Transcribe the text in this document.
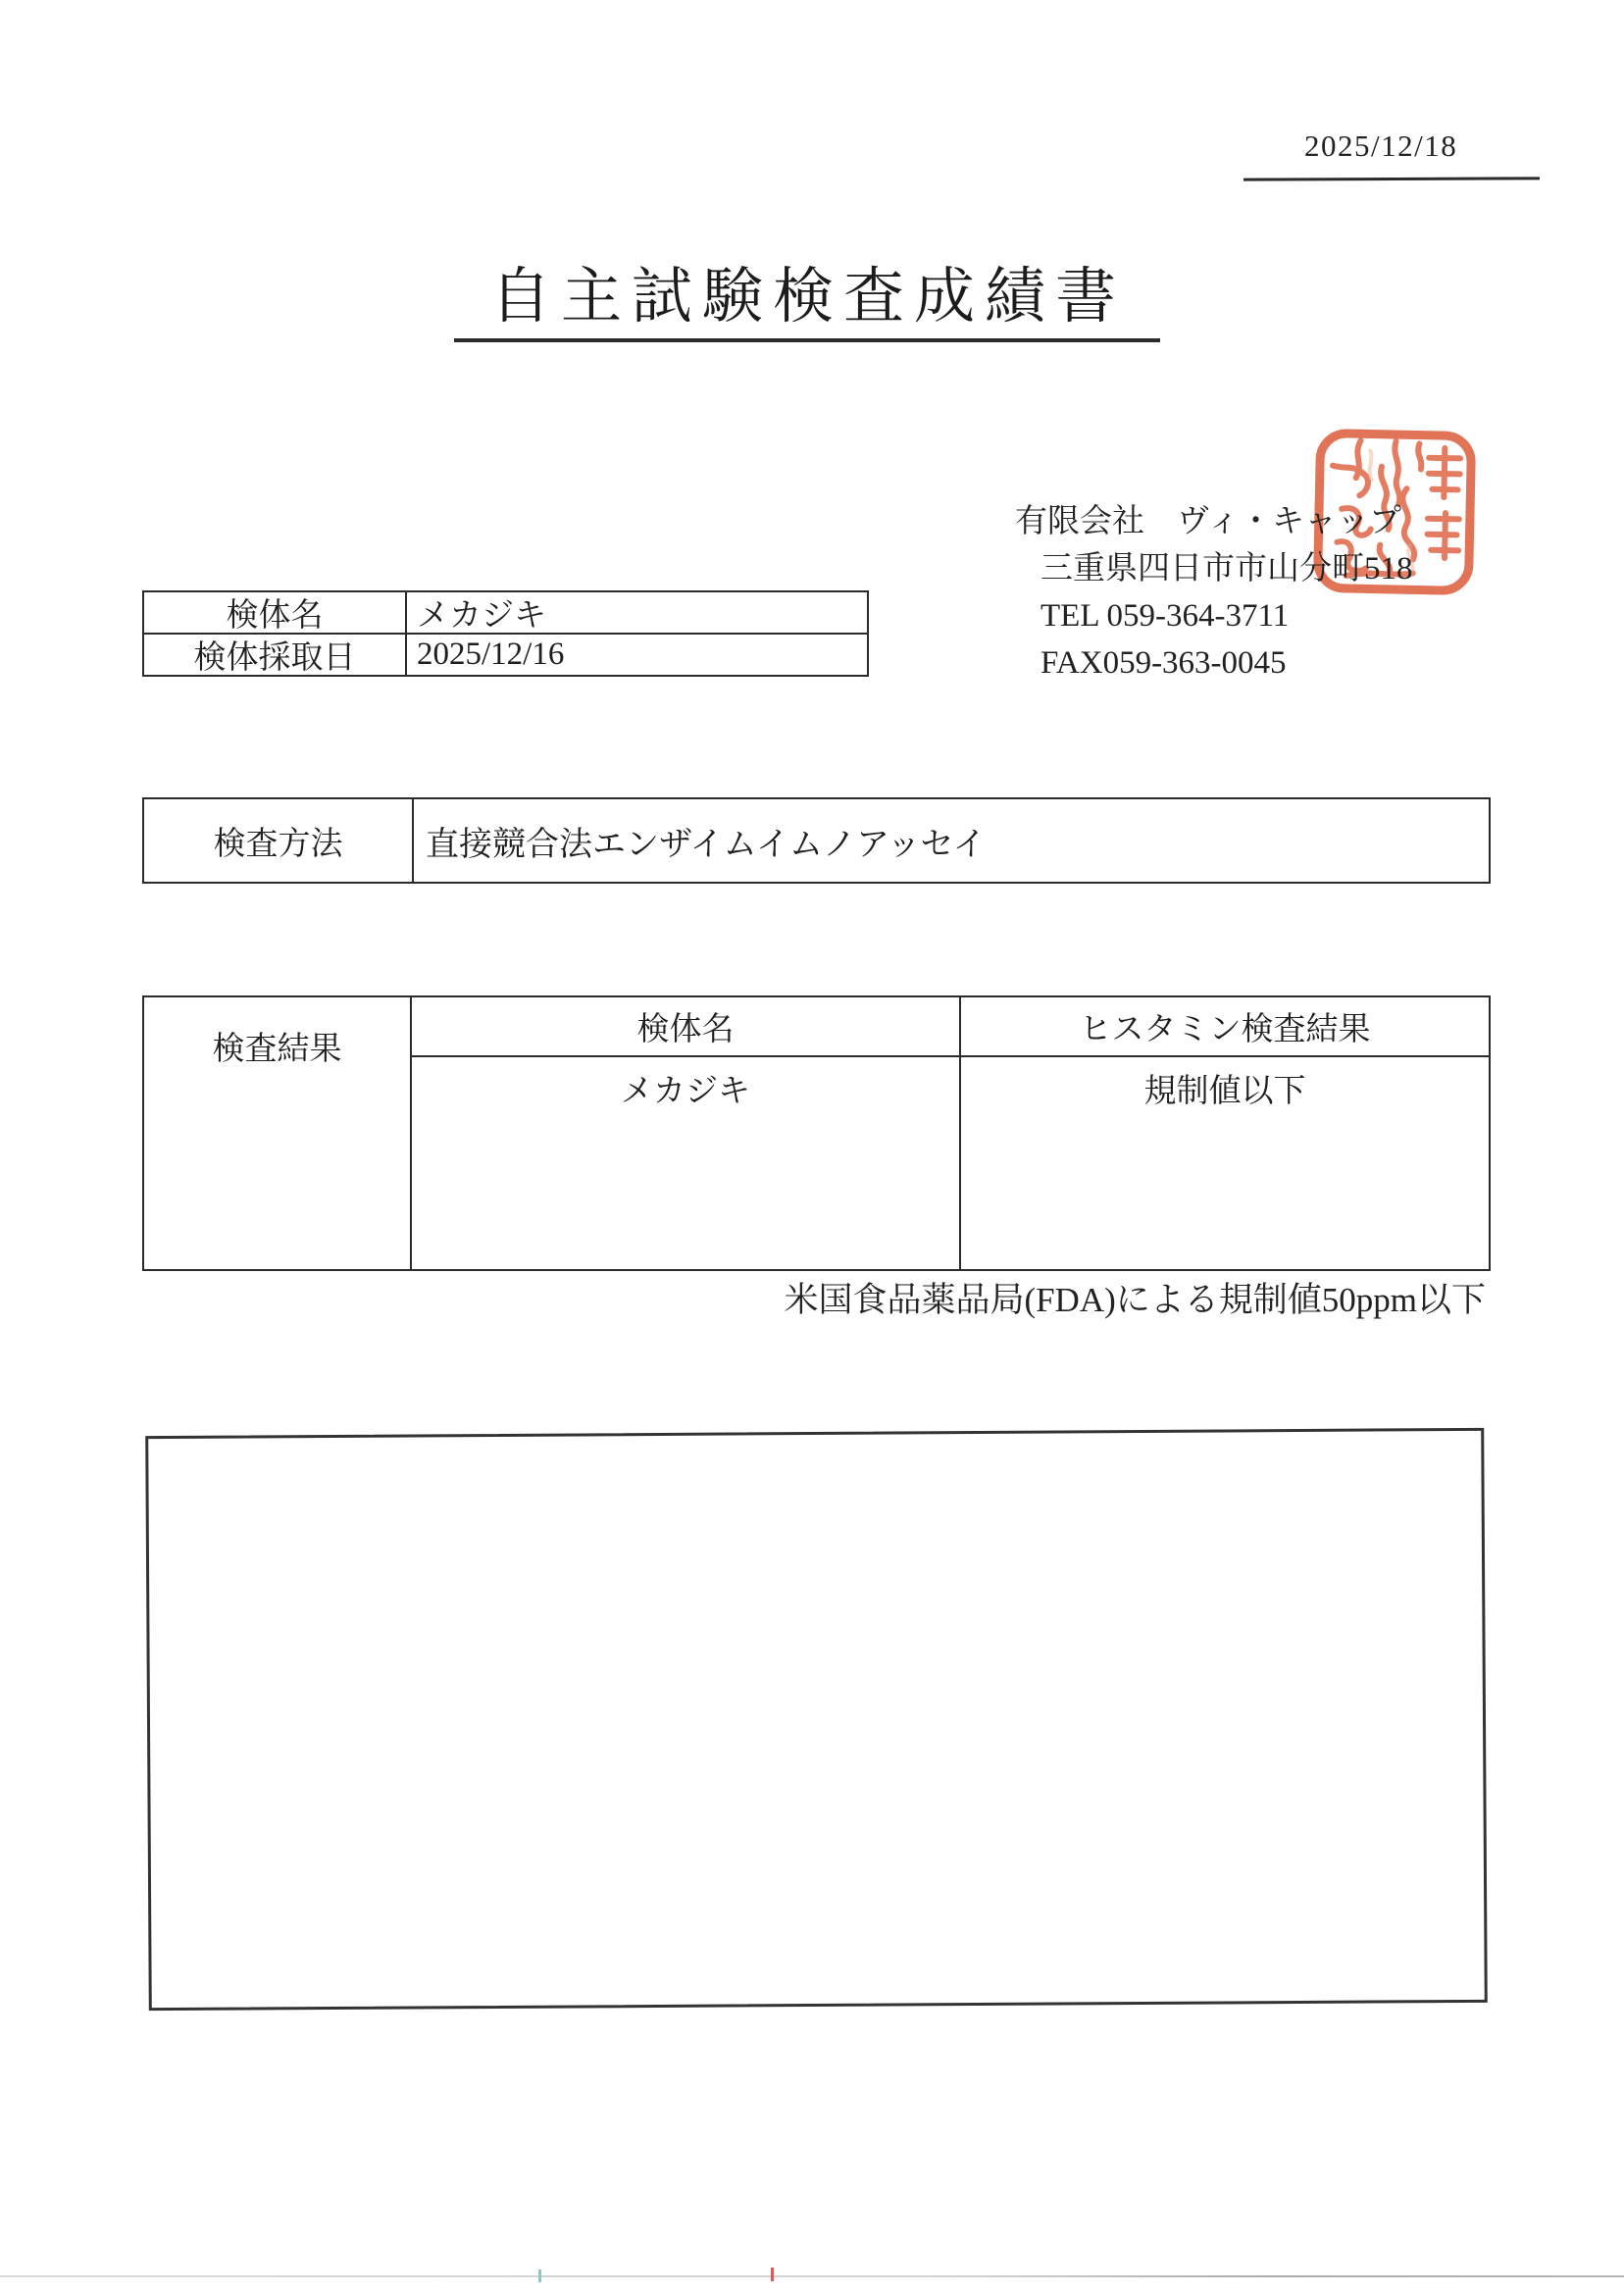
2025/12/18
自主試験検査成績書
有限会社　ヴィ・キャップ
三重県四日市市山分町518
TEL 059-364-3711
FAX059-363-0045
検体名	メカジキ
検体採取日	2025/12/16
検査方法	直接競合法エンザイムイムノアッセイ
検査結果
検体名	ヒスタミン検査結果
メカジキ	規制値以下
米国食品薬品局(FDA)による規制値50ppm以下
